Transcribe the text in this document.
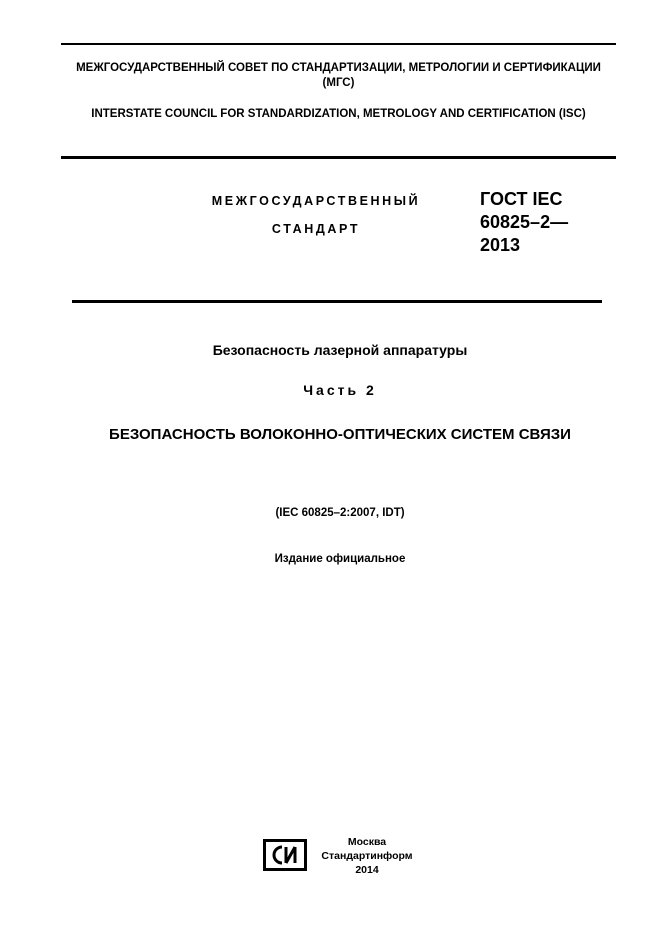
МЕЖГОСУДАРСТВЕННЫЙ СОВЕТ ПО СТАНДАРТИЗАЦИИ, МЕТРОЛОГИИ И СЕРТИФИКАЦИИ (МГС)
INTERSTATE COUNCIL FOR STANDARDIZATION, METROLOGY AND CERTIFICATION (ISC)
МЕЖГОСУДАРСТВЕННЫЙ
СТАНДАРТ
ГОСТ IEC
60825–2—
2013
Безопасность лазерной аппаратуры
Часть 2
БЕЗОПАСНОСТЬ ВОЛОКОННО-ОПТИЧЕСКИХ СИСТЕМ СВЯЗИ
(IEC 60825–2:2007, IDT)
Издание официальное
Москва
Стандартинформ
2014
